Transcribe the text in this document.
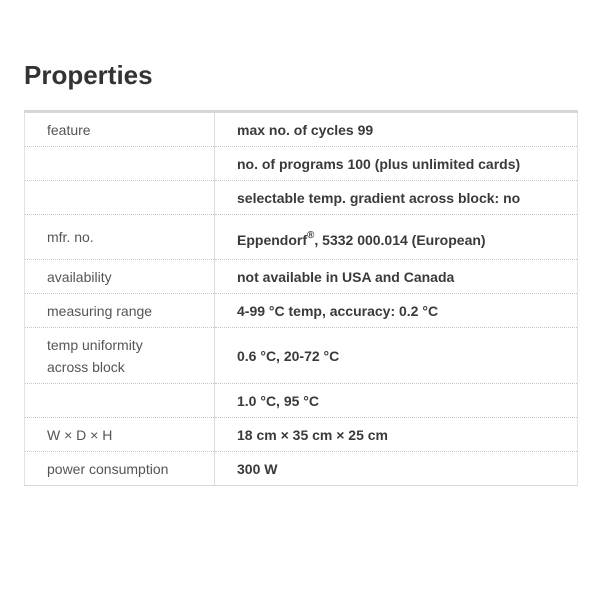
Properties
feature	max no. of cycles 99
	no. of programs 100 (plus unlimited cards)
	selectable temp. gradient across block: no
mfr. no.	Eppendorf®, 5332 000.014 (European)
availability	not available in USA and Canada
measuring range	4-99 °C temp, accuracy: 0.2 °C
temp uniformity
across block	0.6 °C, 20-72 °C
	1.0 °C, 95 °C
W × D × H	18 cm × 35 cm × 25 cm
power consumption	300 W
